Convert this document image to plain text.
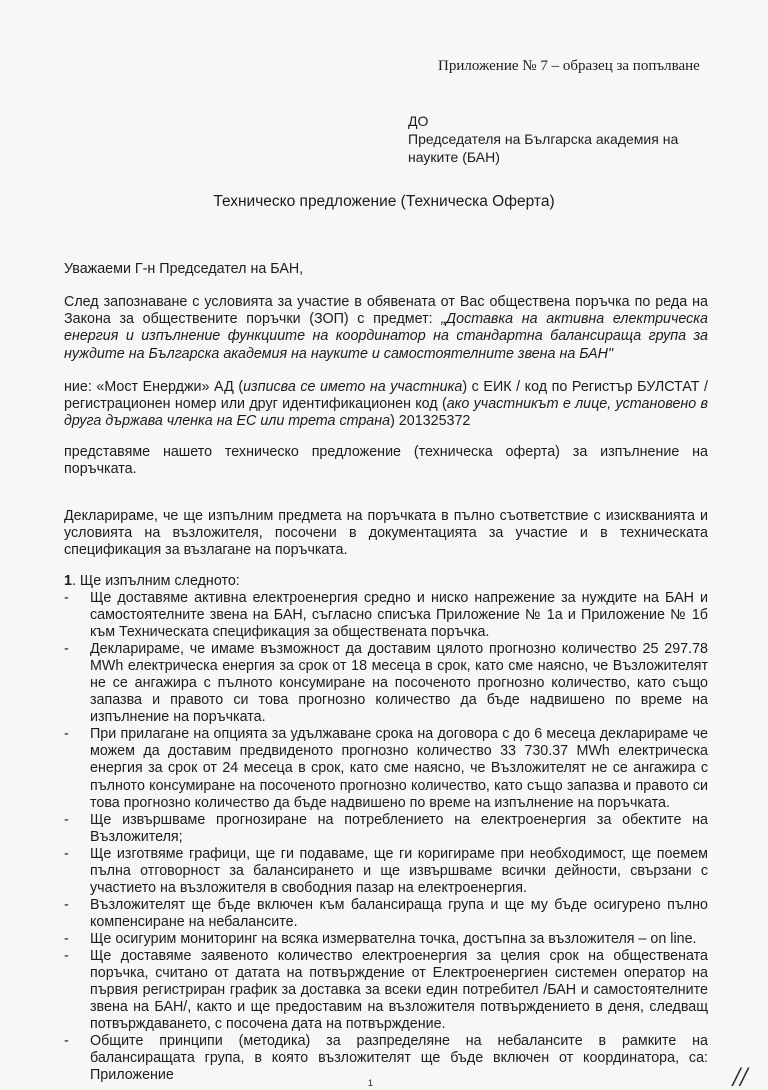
Приложение № 7 – образец за попълване
ДО
Председателя на Българска академия на
науките (БАН)
Техническо предложение (Техническа Оферта)
Уважаеми Г-н Председател на БАН,
След запознаване с условията за участие в обявената от Вас обществена поръчка по реда на
Закона за обществените поръчки (ЗОП) с предмет: „Доставка на активна електрическа
енергия и изпълнение функциите на координатор на стандартна балансираща група за
нуждите на Българска академия на науките и самостоятелните звена на БАН"
ние: «Мост Енерджи» АД (изписва се името на участника) с ЕИК / код по Регистър БУЛСТАТ /
регистрационен номер или друг идентификационен код (ако участникът е лице, установено в
друга държава членка на ЕС или трета страна) 201325372
представяме нашето техническо предложение (техническа оферта) за изпълнение на
поръчката.
Декларираме, че ще изпълним предмета на поръчката в пълно съответствие с изискванията и
условията на възложителя, посочени в документацията за участие и в техническата
спецификация за възлагане на поръчката.
1. Ще изпълним следното:
- Ще доставяме активна електроенергия средно и ниско напрежение за нуждите на БАН и
самостоятелните звена на БАН, съгласно списъка Приложение № 1а и Приложение № 1б
към Техническата спецификация за обществената поръчка.
- Декларираме, че имаме възможност да доставим цялото прогнозно количество 25 297.78
MWh електрическа енергия за срок от 18 месеца в срок, като сме наясно, че Възложителят
не се ангажира с пълното консумиране на посоченото прогнозно количество, като също
запазва и правото си това прогнозно количество да бъде надвишено по време на
изпълнение на поръчката.
- При прилагане на опцията за удължаване срока на договора с до 6 месеца декларираме че
можем да доставим предвиденото прогнозно количество 33 730.37 MWh електрическа
енергия за срок от 24 месеца в срок, като сме наясно, че Възложителят не се ангажира с
пълното консумиране на посоченото прогнозно количество, като също запазва и правото си
това прогнозно количество да бъде надвишено по време на изпълнение на поръчката.
- Ще извършваме прогнозиране на потреблението на електроенергия за обектите на
Възложителя;
- Ще изготвяме графици, ще ги подаваме, ще ги коригираме при необходимост, ще поемем
пълна отговорност за балансирането и ще извършваме всички дейности, свързани с
участието на възложителя в свободния пазар на електроенергия.
- Възложителят ще бъде включен към балансираща група и ще му бъде осигурено пълно
компенсиране на небалансите.
- Ще осигурим мониторинг на всяка измервателна точка, достъпна за възложителя – on line.
- Ще доставяме заявеното количество електроенергия за целия срок на обществената
поръчка, считано от датата на потвърждение от Електроенергиен системен оператор на
първия регистриран график за доставка за всеки един потребител /БАН и самостоятелните
звена на БАН/, както и ще предоставим на възложителя потвърждението в деня, следващ
потвърждаването, с посочена дата на потвърждение.
- Общите принципи (методика) за разпределяне на небалансите в рамките на
балансиращата група, в която възложителят ще бъде включен от координатора, са:
Приложение	1	//
